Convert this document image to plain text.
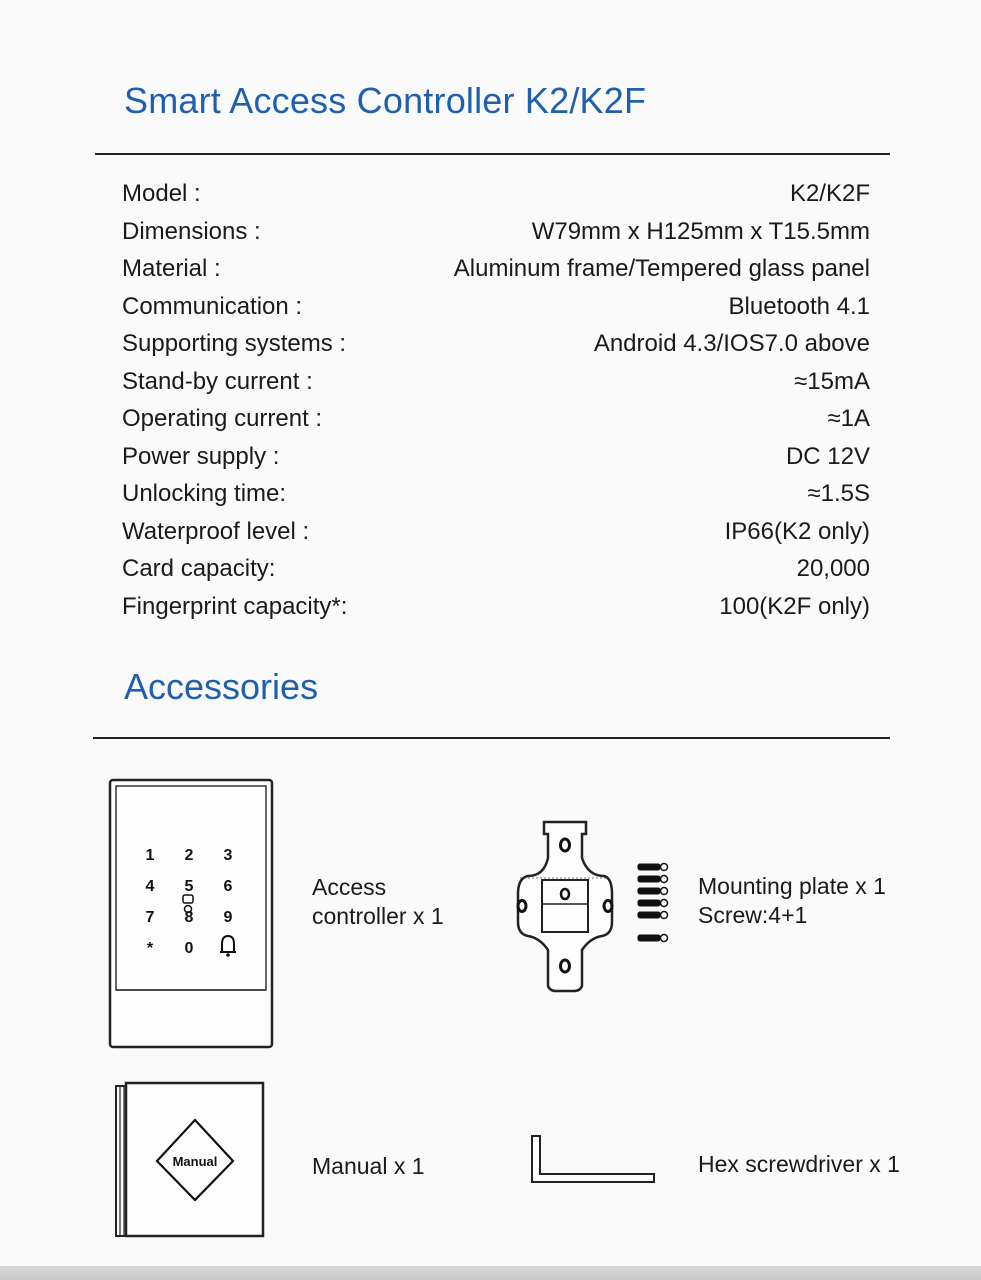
Smart Access Controller K2/K2F
Model :	K2/K2F
Dimensions :	W79mm x H125mm x T15.5mm
Material :	Aluminum frame/Tempered glass panel
Communication :	Bluetooth 4.1
Supporting systems :	Android 4.3/IOS7.0 above
Stand-by current :	≈15mA
Operating current :	≈1A
Power supply :	DC 12V
Unlocking time:	≈1.5S
Waterproof level :	IP66(K2 only)
Card capacity:	20,000
Fingerprint capacity*:	100(K2F only)
Accessories
1 2 3
4 5 6
7 8 9
* 0
Access controller x 1
Mounting plate x 1
Screw:4+1
Manual	Manual x 1	Hex screwdriver x 1
